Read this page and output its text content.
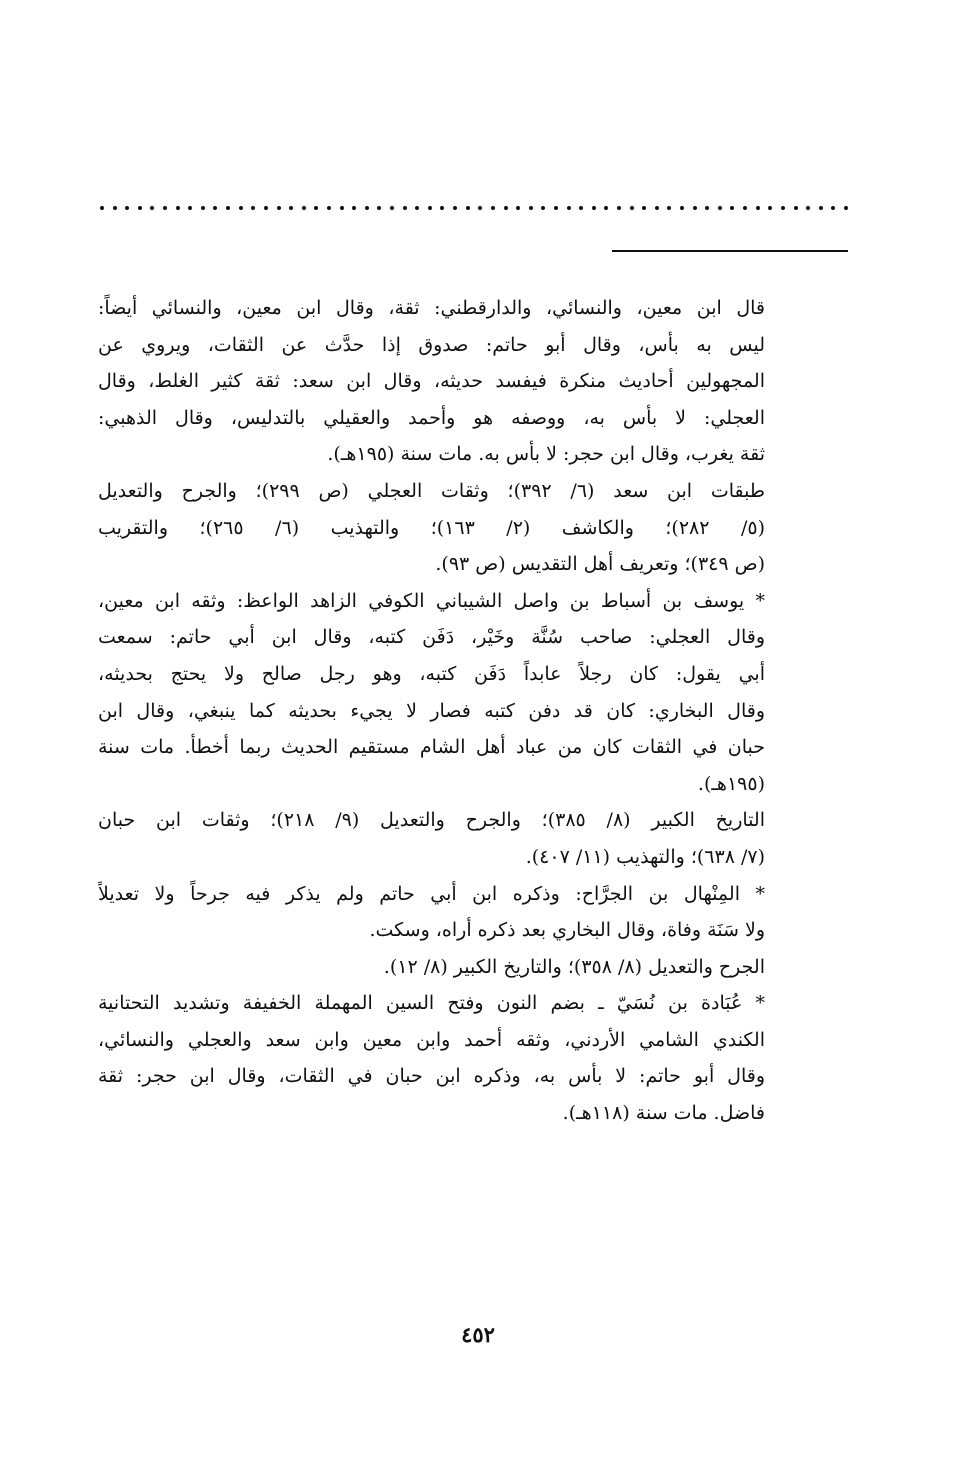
قال ابن معين، والنسائي، والدارقطني: ثقة، وقال ابن معين، والنسائي أيضاً:
ليس به بأس، وقال أبو حاتم: صدوق إذا حدَّث عن الثقات، ويروي عن
المجهولين أحاديث منكرة فيفسد حديثه، وقال ابن سعد: ثقة كثير الغلط، وقال
العجلي: لا بأس به، ووصفه هو وأحمد والعقيلي بالتدليس، وقال الذهبي:
ثقة يغرب، وقال ابن حجر: لا بأس به. مات سنة (١٩٥هـ).
طبقات ابن سعد (٦/ ٣٩٢)؛ وثقات العجلي (ص ٢٩٩)؛ والجرح والتعديل
(٥/ ٢٨٢)؛ والكاشف (٢/ ١٦٣)؛ والتهذيب (٦/ ٢٦٥)؛ والتقريب
(ص ٣٤٩)؛ وتعريف أهل التقديس (ص ٩٣).
* يوسف بن أسباط بن واصل الشيباني الكوفي الزاهد الواعظ: وثقه ابن معين،
وقال العجلي: صاحب سُنَّة وخَيْر، دَفَن كتبه، وقال ابن أبي حاتم: سمعت
أبي يقول: كان رجلاً عابداً دَفَن كتبه، وهو رجل صالح ولا يحتج بحديثه،
وقال البخاري: كان قد دفن كتبه فصار لا يجيء بحديثه كما ينبغي، وقال ابن
حبان في الثقات كان من عباد أهل الشام مستقيم الحديث ربما أخطأ. مات سنة
(١٩٥هـ).
التاريخ الكبير (٨/ ٣٨٥)؛ والجرح والتعديل (٩/ ٢١٨)؛ وثقات ابن حبان
(٧/ ٦٣٨)؛ والتهذيب (١١/ ٤٠٧).
* المِنْهال بن الجرَّاح: وذكره ابن أبي حاتم ولم يذكر فيه جرحاً ولا تعديلاً
ولا سَنَة وفاة، وقال البخاري بعد ذكره أراه، وسكت.
الجرح والتعديل (٨/ ٣٥٨)؛ والتاريخ الكبير (٨/ ١٢).
* عُبَادة بن نُسَيّ ـ بضم النون وفتح السين المهملة الخفيفة وتشديد التحتانية
الكندي الشامي الأردني، وثقه أحمد وابن معين وابن سعد والعجلي والنسائي،
وقال أبو حاتم: لا بأس به، وذكره ابن حبان في الثقات، وقال ابن حجر: ثقة
فاضل. مات سنة (١١٨هـ).
٤٥٢
